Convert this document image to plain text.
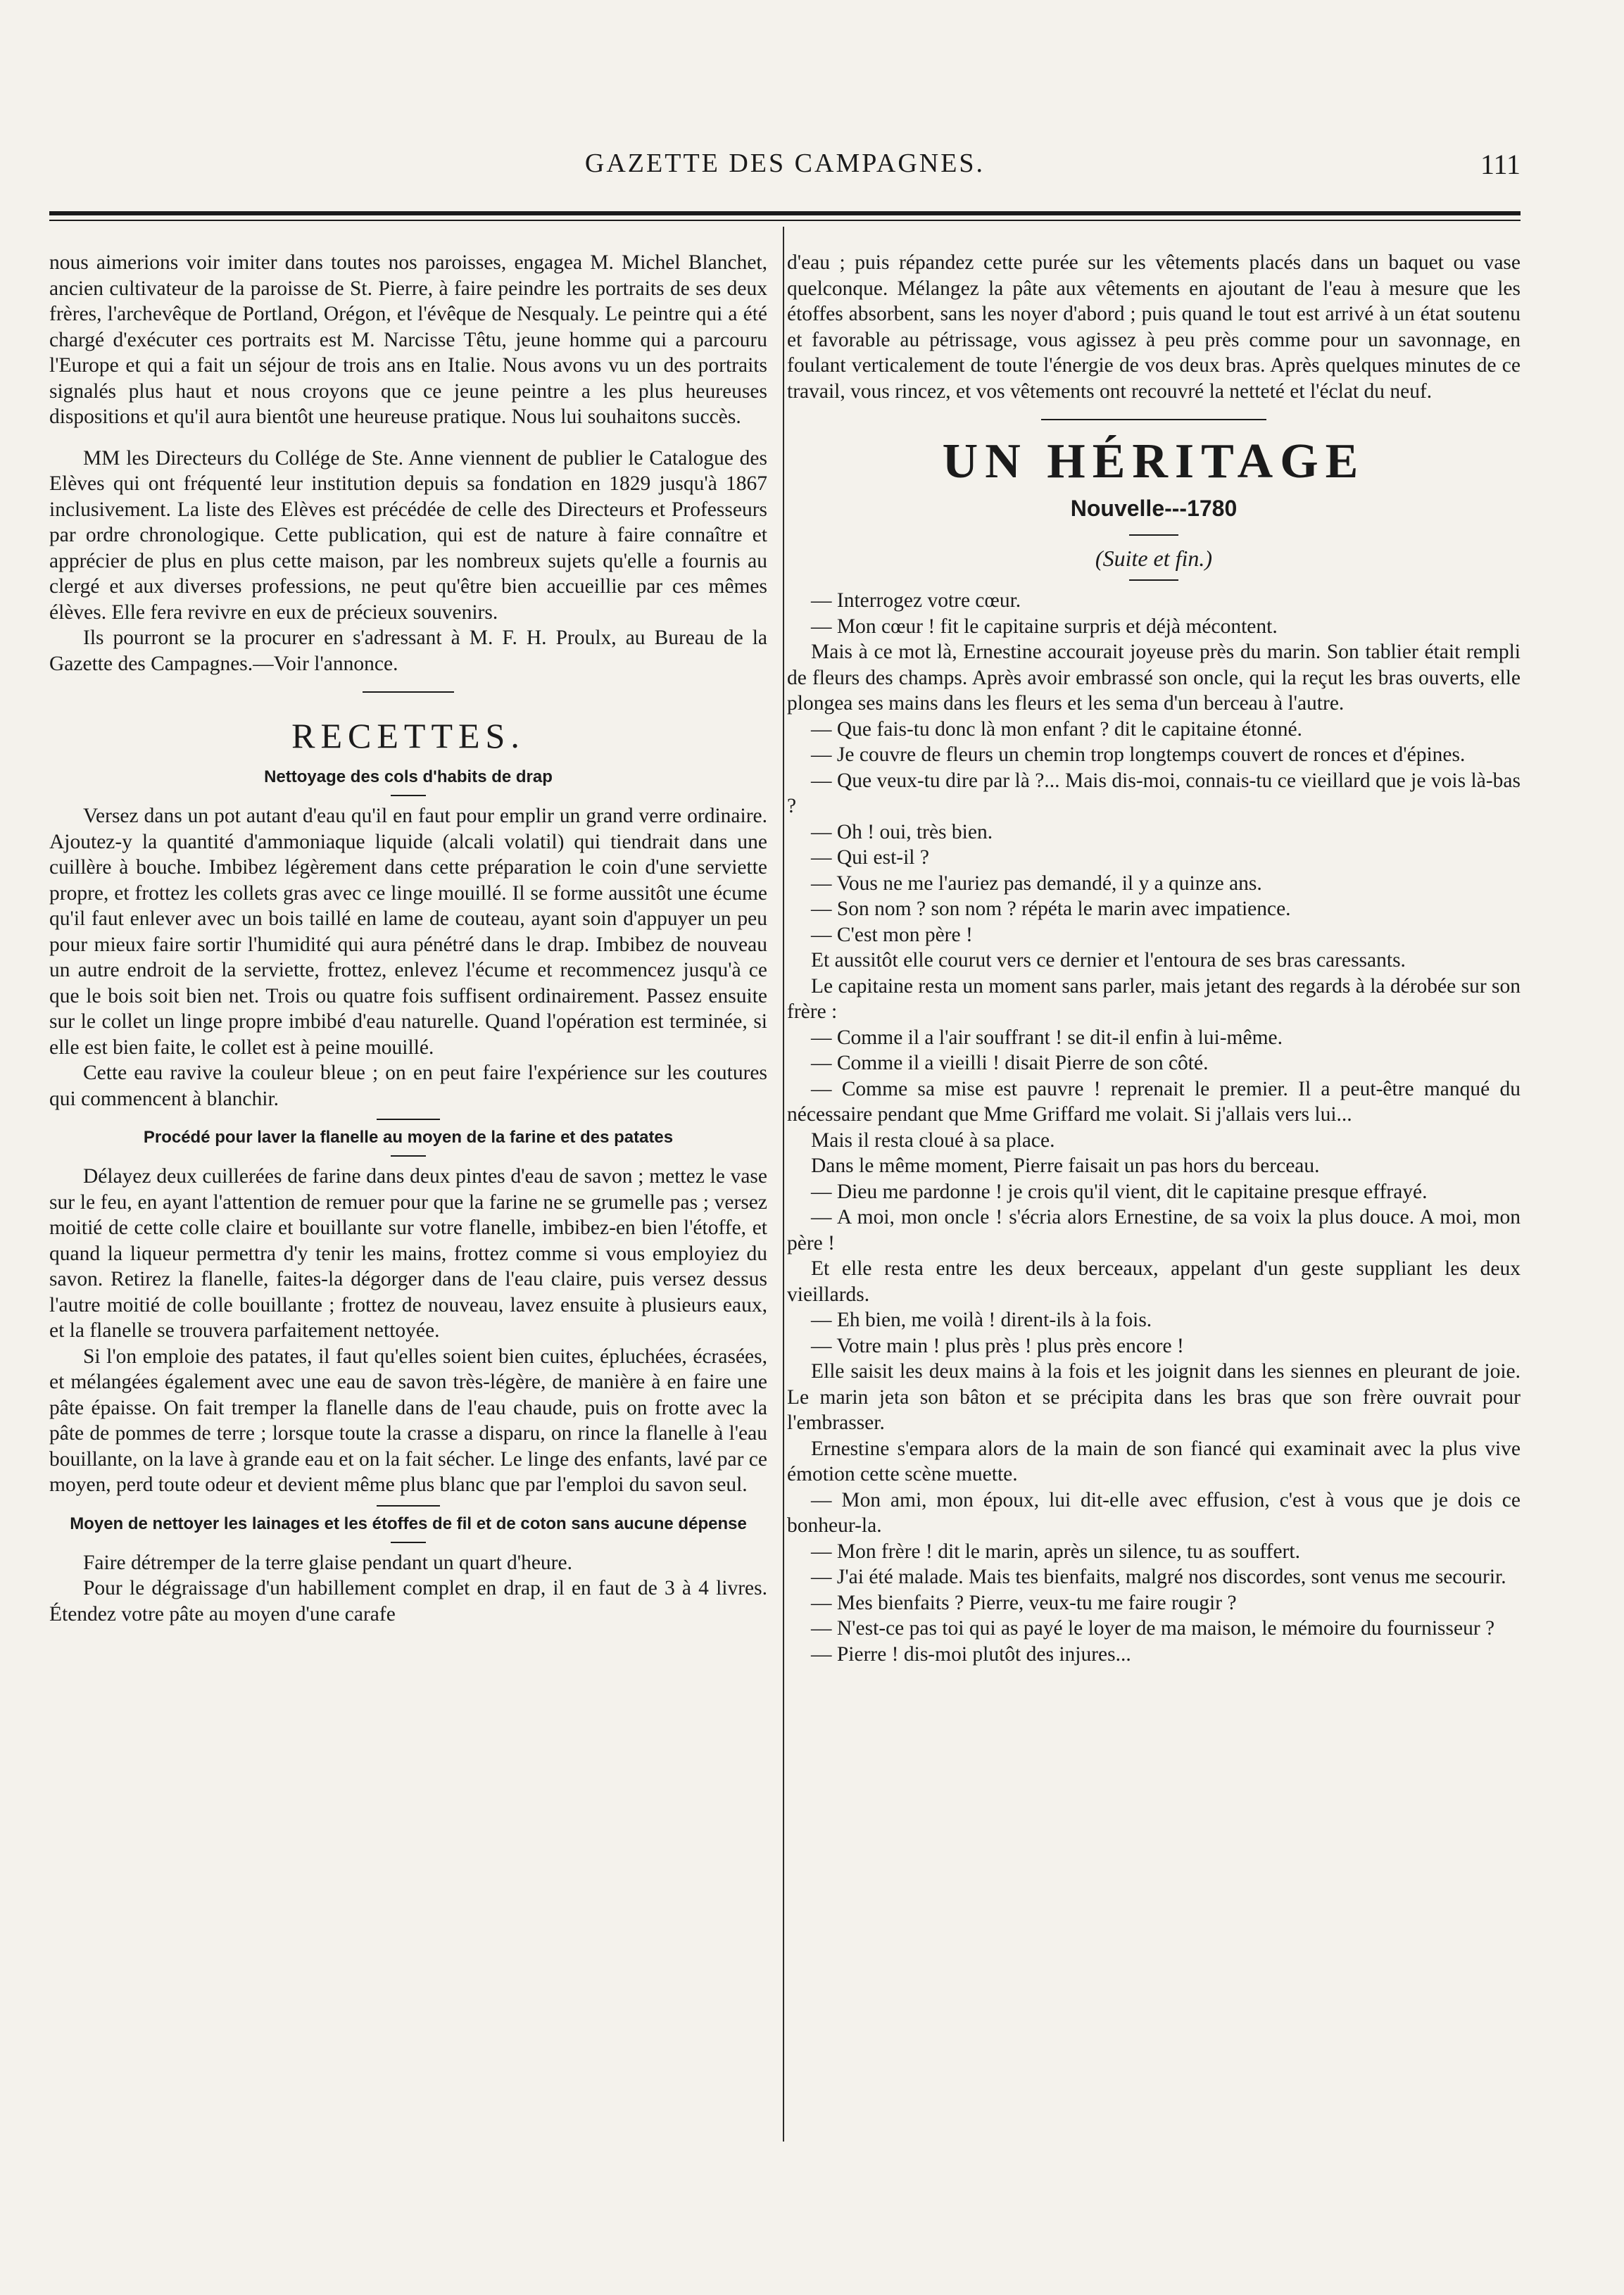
GAZETTE DES CAMPAGNES.	111

nous aimerions voir imiter dans toutes nos paroisses, engagea M. Michel Blanchet, ancien cultivateur de la paroisse de St. Pierre, à faire peindre les portraits de ses deux frères, l'archevêque de Portland, Orégon, et l'évêque de Nesqualy. Le peintre qui a été chargé d'exécuter ces portraits est M. Narcisse Têtu, jeune homme qui a parcouru l'Europe et qui a fait un séjour de trois ans en Italie. Nous avons vu un des portraits signalés plus haut et nous croyons que ce jeune peintre a les plus heureuses dispositions et qu'il aura bientôt une heureuse pratique. Nous lui souhaitons succès.

MM les Directeurs du Collége de Ste. Anne viennent de publier le Catalogue des Elèves qui ont fréquenté leur institution depuis sa fondation en 1829 jusqu'à 1867 inclusivement. La liste des Elèves est précédée de celle des Directeurs et Professeurs par ordre chronologique. Cette publication, qui est de nature à faire connaître et apprécier de plus en plus cette maison, par les nombreux sujets qu'elle a fournis au clergé et aux diverses professions, ne peut qu'être bien accueillie par ces mêmes élèves. Elle fera revivre en eux de précieux souvenirs.

Ils pourront se la procurer en s'adressant à M. F. H. Proulx, au Bureau de la Gazette des Campagnes.—Voir l'annonce.

RECETTES.
Nettoyage des cols d'habits de drap

Versez dans un pot autant d'eau qu'il en faut pour emplir un grand verre ordinaire. Ajoutez-y la quantité d'ammoniaque liquide (alcali volatil) qui tiendrait dans une cuillère à bouche. Imbibez légèrement dans cette préparation le coin d'une serviette propre, et frottez les collets gras avec ce linge mouillé. Il se forme aussitôt une écume qu'il faut enlever avec un bois taillé en lame de couteau, ayant soin d'appuyer un peu pour mieux faire sortir l'humidité qui aura pénétré dans le drap. Imbibez de nouveau un autre endroit de la serviette, frottez, enlevez l'écume et recommencez jusqu'à ce que le bois soit bien net. Trois ou quatre fois suffisent ordinairement. Passez ensuite sur le collet un linge propre imbibé d'eau naturelle. Quand l'opération est terminée, si elle est bien faite, le collet est à peine mouillé.

Cette eau ravive la couleur bleue ; on en peut faire l'expérience sur les coutures qui commencent à blanchir.

Procédé pour laver la flanelle au moyen de la farine et des patates

Délayez deux cuillerées de farine dans deux pintes d'eau de savon ; mettez le vase sur le feu, en ayant l'attention de remuer pour que la farine ne se grumelle pas ; versez moitié de cette colle claire et bouillante sur votre flanelle, imbibez-en bien l'étoffe, et quand la liqueur permettra d'y tenir les mains, frottez comme si vous employiez du savon. Retirez la flanelle, faites-la dégorger dans de l'eau claire, puis versez dessus l'autre moitié de colle bouillante ; frottez de nouveau, lavez ensuite à plusieurs eaux, et la flanelle se trouvera parfaitement nettoyée.

Si l'on emploie des patates, il faut qu'elles soient bien cuites, épluchées, écrasées, et mélangées également avec une eau de savon très-légère, de manière à en faire une pâte épaisse. On fait tremper la flanelle dans de l'eau chaude, puis on frotte avec la pâte de pommes de terre ; lorsque toute la crasse a disparu, on rince la flanelle à l'eau bouillante, on la lave à grande eau et on la fait sécher. Le linge des enfants, lavé par ce moyen, perd toute odeur et devient même plus blanc que par l'emploi du savon seul.

Moyen de nettoyer les lainages et les étoffes de fil et de coton sans aucune dépense

Faire détremper de la terre glaise pendant un quart d'heure.

Pour le dégraissage d'un habillement complet en drap, il en faut de 3 à 4 livres. Étendez votre pâte au moyen d'une carafe

d'eau ; puis répandez cette purée sur les vêtements placés dans un baquet ou vase quelconque. Mélangez la pâte aux vêtements en ajoutant de l'eau à mesure que les étoffes absorbent, sans les noyer d'abord ; puis quand le tout est arrivé à un état soutenu et favorable au pétrissage, vous agissez à peu près comme pour un savonnage, en foulant verticalement de toute l'énergie de vos deux bras. Après quelques minutes de ce travail, vous rincez, et vos vêtements ont recouvré la netteté et l'éclat du neuf.

UN HÉRITAGE
Nouvelle---1780
(Suite et fin.)

— Interrogez votre cœur.

— Mon cœur ! fit le capitaine surpris et déjà mécontent.

Mais à ce mot là, Ernestine accourait joyeuse près du marin. Son tablier était rempli de fleurs des champs. Après avoir embrassé son oncle, qui la reçut les bras ouverts, elle plongea ses mains dans les fleurs et les sema d'un berceau à l'autre.

— Que fais-tu donc là mon enfant ? dit le capitaine étonné.

— Je couvre de fleurs un chemin trop longtemps couvert de ronces et d'épines.

— Que veux-tu dire par là ?... Mais dis-moi, connais-tu ce vieillard que je vois là-bas ?

— Oh ! oui, très bien.

— Qui est-il ?

— Vous ne me l'auriez pas demandé, il y a quinze ans.

— Son nom ? son nom ? répéta le marin avec impatience.

— C'est mon père !

Et aussitôt elle courut vers ce dernier et l'entoura de ses bras caressants.

Le capitaine resta un moment sans parler, mais jetant des regards à la dérobée sur son frère :

— Comme il a l'air souffrant ! se dit-il enfin à lui-même.

— Comme il a vieilli ! disait Pierre de son côté.

— Comme sa mise est pauvre ! reprenait le premier. Il a peut-être manqué du nécessaire pendant que Mme Griffard me volait. Si j'allais vers lui...

Mais il resta cloué à sa place.

Dans le même moment, Pierre faisait un pas hors du berceau.

— Dieu me pardonne ! je crois qu'il vient, dit le capitaine presque effrayé.

— A moi, mon oncle ! s'écria alors Ernestine, de sa voix la plus douce. A moi, mon père !

Et elle resta entre les deux berceaux, appelant d'un geste suppliant les deux vieillards.

— Eh bien, me voilà ! dirent-ils à la fois.

— Votre main ! plus près ! plus près encore !

Elle saisit les deux mains à la fois et les joignit dans les siennes en pleurant de joie. Le marin jeta son bâton et se précipita dans les bras que son frère ouvrait pour l'embrasser.

Ernestine s'empara alors de la main de son fiancé qui examinait avec la plus vive émotion cette scène muette.

— Mon ami, mon époux, lui dit-elle avec effusion, c'est à vous que je dois ce bonheur-la.

— Mon frère ! dit le marin, après un silence, tu as souffert.

— J'ai été malade. Mais tes bienfaits, malgré nos discordes, sont venus me secourir.

— Mes bienfaits ? Pierre, veux-tu me faire rougir ?

— N'est-ce pas toi qui as payé le loyer de ma maison, le mémoire du fournisseur ?

— Pierre ! dis-moi plutôt des injures...
